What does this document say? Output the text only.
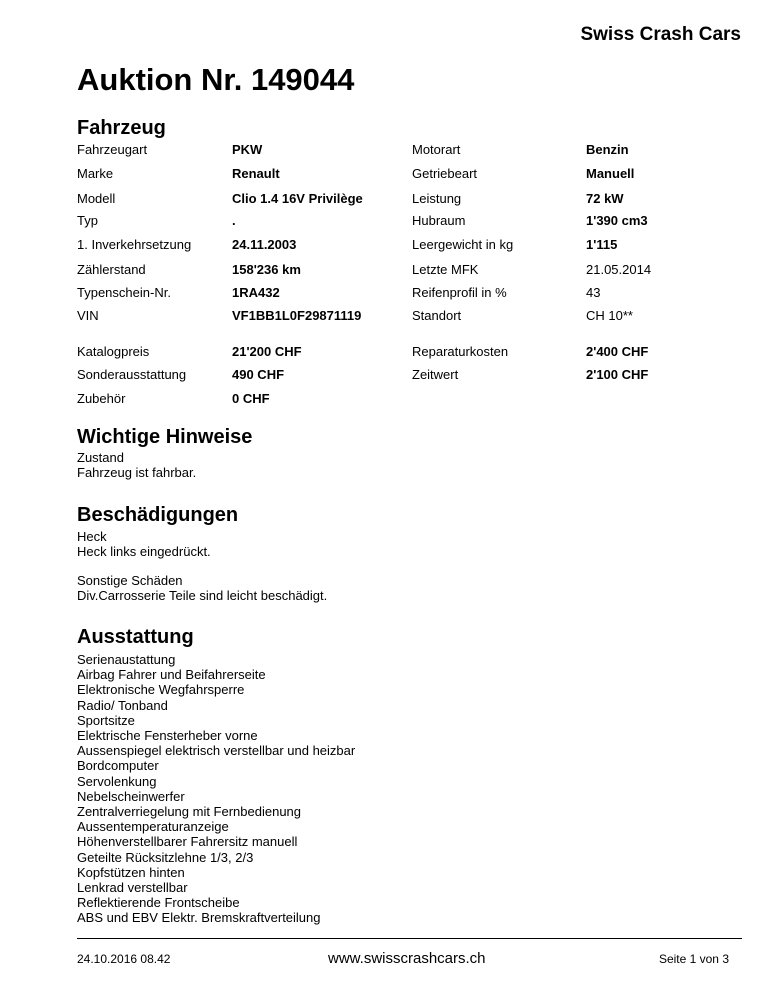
Swiss Crash Cars
Auktion Nr. 149044
Fahrzeug
Fahrzeugart	PKW	Motorart	Benzin
Marke	Renault	Getriebeart	Manuell
Modell	Clio 1.4 16V Privilège	Leistung	72 kW
Typ	.	Hubraum	1'390 cm3
1. Inverkehrsetzung	24.11.2003	Leergewicht in kg	1'115
Zählerstand	158'236 km	Letzte MFK	21.05.2014
Typenschein-Nr.	1RA432	Reifenprofil in %	43
VIN	VF1BB1L0F29871119	Standort	CH 10**
Katalogpreis	21'200 CHF	Reparaturkosten	2'400 CHF
Sonderausstattung	490 CHF	Zeitwert	2'100 CHF
Zubehör	0 CHF
Wichtige Hinweise
Zustand
Fahrzeug ist fahrbar.
Beschädigungen
Heck
Heck links eingedrückt.
Sonstige Schäden
Div.Carrosserie Teile sind leicht beschädigt.
Ausstattung
Serienaustattung
Airbag Fahrer und Beifahrerseite
Elektronische Wegfahrsperre
Radio/ Tonband
Sportsitze
Elektrische Fensterheber vorne
Aussenspiegel elektrisch verstellbar und heizbar
Bordcomputer
Servolenkung
Nebelscheinwerfer
Zentralverriegelung mit Fernbedienung
Aussentemperaturanzeige
Höhenverstellbarer Fahrersitz manuell
Geteilte Rücksitzlehne 1/3, 2/3
Kopfstützen hinten
Lenkrad verstellbar
Reflektierende Frontscheibe
ABS und EBV Elektr. Bremskraftverteilung
24.10.2016 08.42	www.swisscrashcars.ch	Seite 1 von 3
